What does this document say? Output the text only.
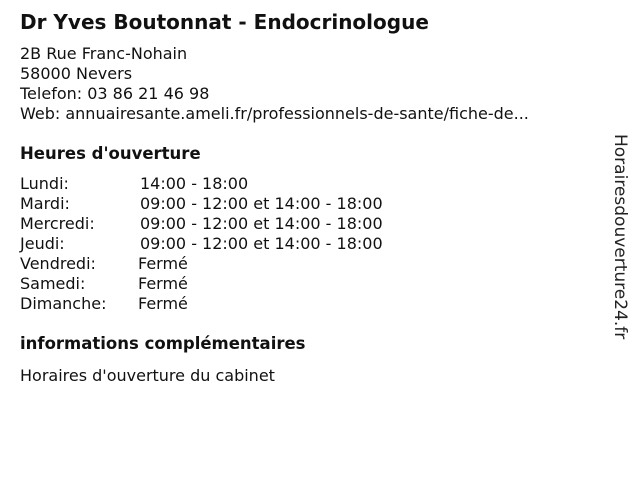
Dr Yves Boutonnat - Endocrinologue
2B Rue Franc-Nohain
58000 Nevers
Telefon: 03 86 21 46 98
Web: annuairesante.ameli.fr/professionnels-de-sante/fiche-de...
Heures d'ouverture
Lundi:	14:00 - 18:00
Mardi:	09:00 - 12:00 et 14:00 - 18:00
Mercredi:	09:00 - 12:00 et 14:00 - 18:00
Jeudi:	09:00 - 12:00 et 14:00 - 18:00
Vendredi:	Fermé
Samedi:	Fermé
Dimanche: Fermé
informations complémentaires
Horaires d'ouverture du cabinet
Horairesdouverture24.fr
